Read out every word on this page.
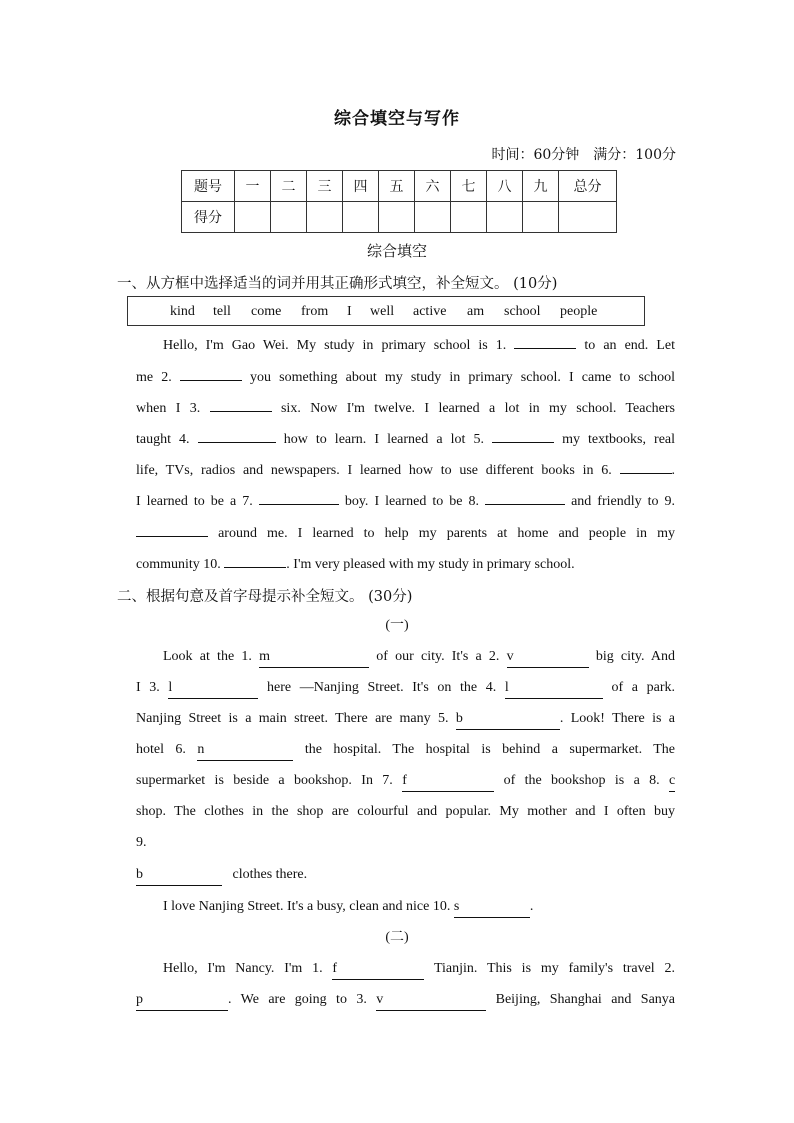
综合填空与写作
时间：60分钟　满分：100分
题号	一	二	三	四	五	六	七	八	九	总分
得分										
综合填空
一、从方框中选择适当的词并用其正确形式填空，补全短文。 (10分)
kind tell come from I well active am school people
Hello, I'm Gao Wei. My study in primary school is 1.	to an end. Let
me 2.	you something about my study in primary school. I came to school
when I 3.	six. Now I'm twelve. I learned a lot in my school. Teachers
taught 4.	how to learn. I learned a lot 5.	my textbooks, real
life, TVs, radios and newspapers. I learned how to use different books in 6.	.
I learned to be a 7.	boy. I learned to be 8.	and friendly to 9.
around me. I learned to help my parents at home and people in my
community 10.	. I'm very pleased with my study in primary school.
二、根据句意及首字母提示补全短文。 (30分)
(一)
Look at the 1. m	of our city. It's a 2. v	big city. And
I 3. l	here —Nanjing Street. It's on the 4. l	of a park.
Nanjing Street is a main street. There are many 5. b	. Look! There is a
hotel 6. n	the hospital. The hospital is behind a supermarket. The
supermarket is beside a bookshop. In 7. f	of the bookshop is a 8. c
shop. The clothes in the shop are colourful and popular. My mother and I often buy
9.
b	clothes there.
I love Nanjing Street. It's a busy, clean and nice 10. s	.
(二)
Hello, I'm Nancy. I'm 1. f	Tianjin. This is my family's travel 2.
p	. We are going to 3. v	Beijing, Shanghai and Sanya
